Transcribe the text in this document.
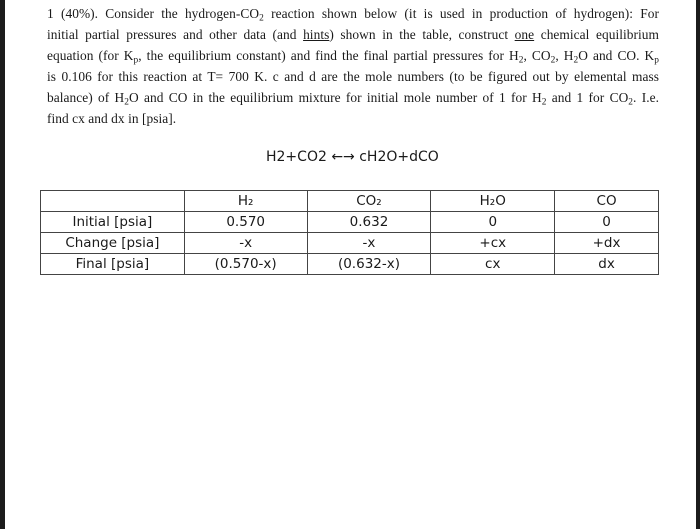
1 (40%). Consider the hydrogen-$CO_2$ reaction shown below (it is used in production of hydrogen): For
initial partial pressures and other data (and hints) shown in the table, construct one chemical equilibrium
equation (for $K_p$, the equilibrium constant) and find the final partial pressures for $H_2$, $CO_2$, $H_2O$ and CO. $K_p$
is 0.106 for this reaction at T= 700 K. c and d are the mole numbers (to be figured out by elemental mass
balance) of $H_2O$ and CO in the equilibrium mixture for initial mole number of 1 for $H_2$ and 1 for $CO_2$. I.e.
find cx and dx in [psia].
H2+CO2 ←→ cH2O+dCO
	H₂	CO₂	H₂O	CO
Initial [psia]	0.570	0.632	0	0
Change [psia]	-x	-x	+cx	+dx
Final [psia]	(0.570-x)	(0.632-x)	cx	dx
